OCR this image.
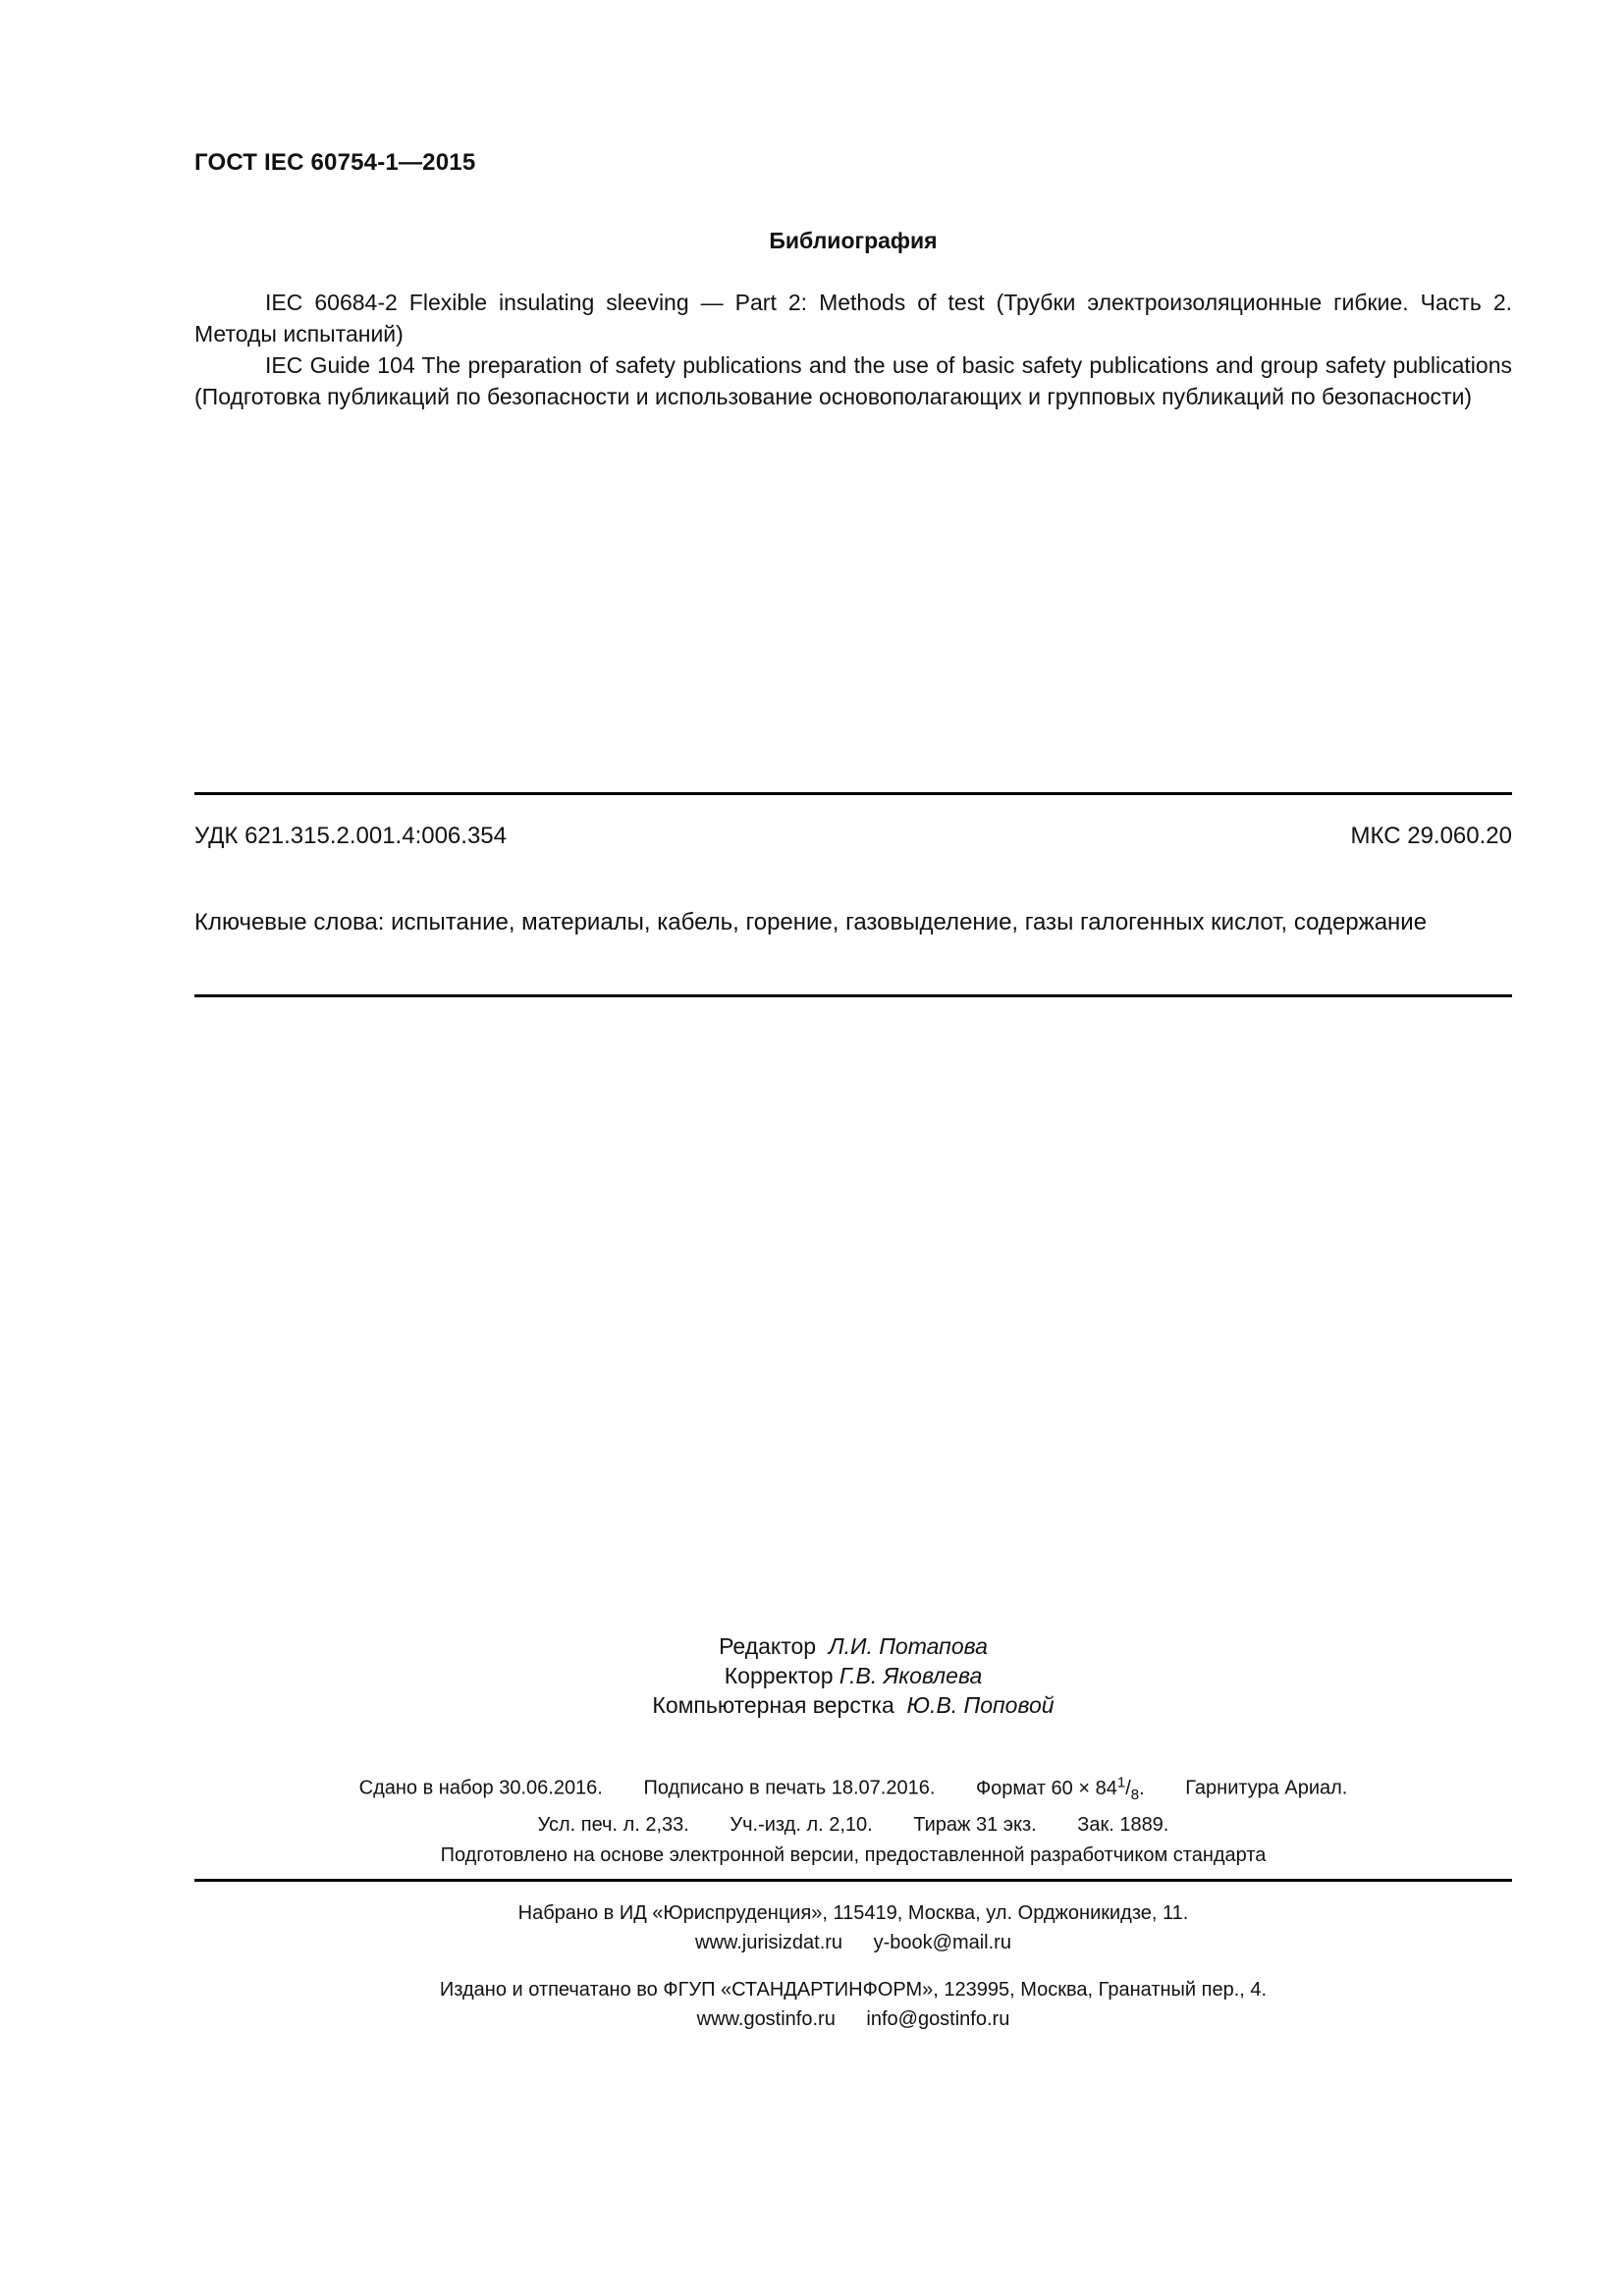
ГОСТ IEC 60754-1—2015
Библиография

IEC 60684-2 Flexible insulating sleeving — Part 2: Methods of test (Трубки электроизоляционные гибкие. Часть 2. Методы испытаний)

IEC Guide 104 The preparation of safety publications and the use of basic safety publications and group safety publications (Подготовка публикаций по безопасности и использование основополагающих и групповых публикаций по безопасности)

УДК 621.315.2.001.4:006.354	МКС 29.060.20
Ключевые слова: испытание, материалы, кабель, горение, газовыделение, газы галогенных кислот, содержание
Редактор Л.И. Потапова
Корректор Г.В. Яковлева
Компьютерная верстка Ю.В. Поповой
Сдано в набор 30.06.2016. Подписано в печать 18.07.2016. Формат $60 \times 84^1/_8$. Гарнитура Ариал.
Усл. печ. л. 2,33. Уч.-изд. л. 2,10. Тираж 31 экз. Зак. 1889.
Подготовлено на основе электронной версии, предоставленной разработчиком стандарта
Набрано в ИД «Юриспруденция», 115419, Москва, ул. Орджоникидзе, 11.
www.jurisizdat.ru y-book@mail.ru
Издано и отпечатано во ФГУП «СТАНДАРТИНФОРМ», 123995, Москва, Гранатный пер., 4.
www.gostinfo.ru info@gostinfo.ru
